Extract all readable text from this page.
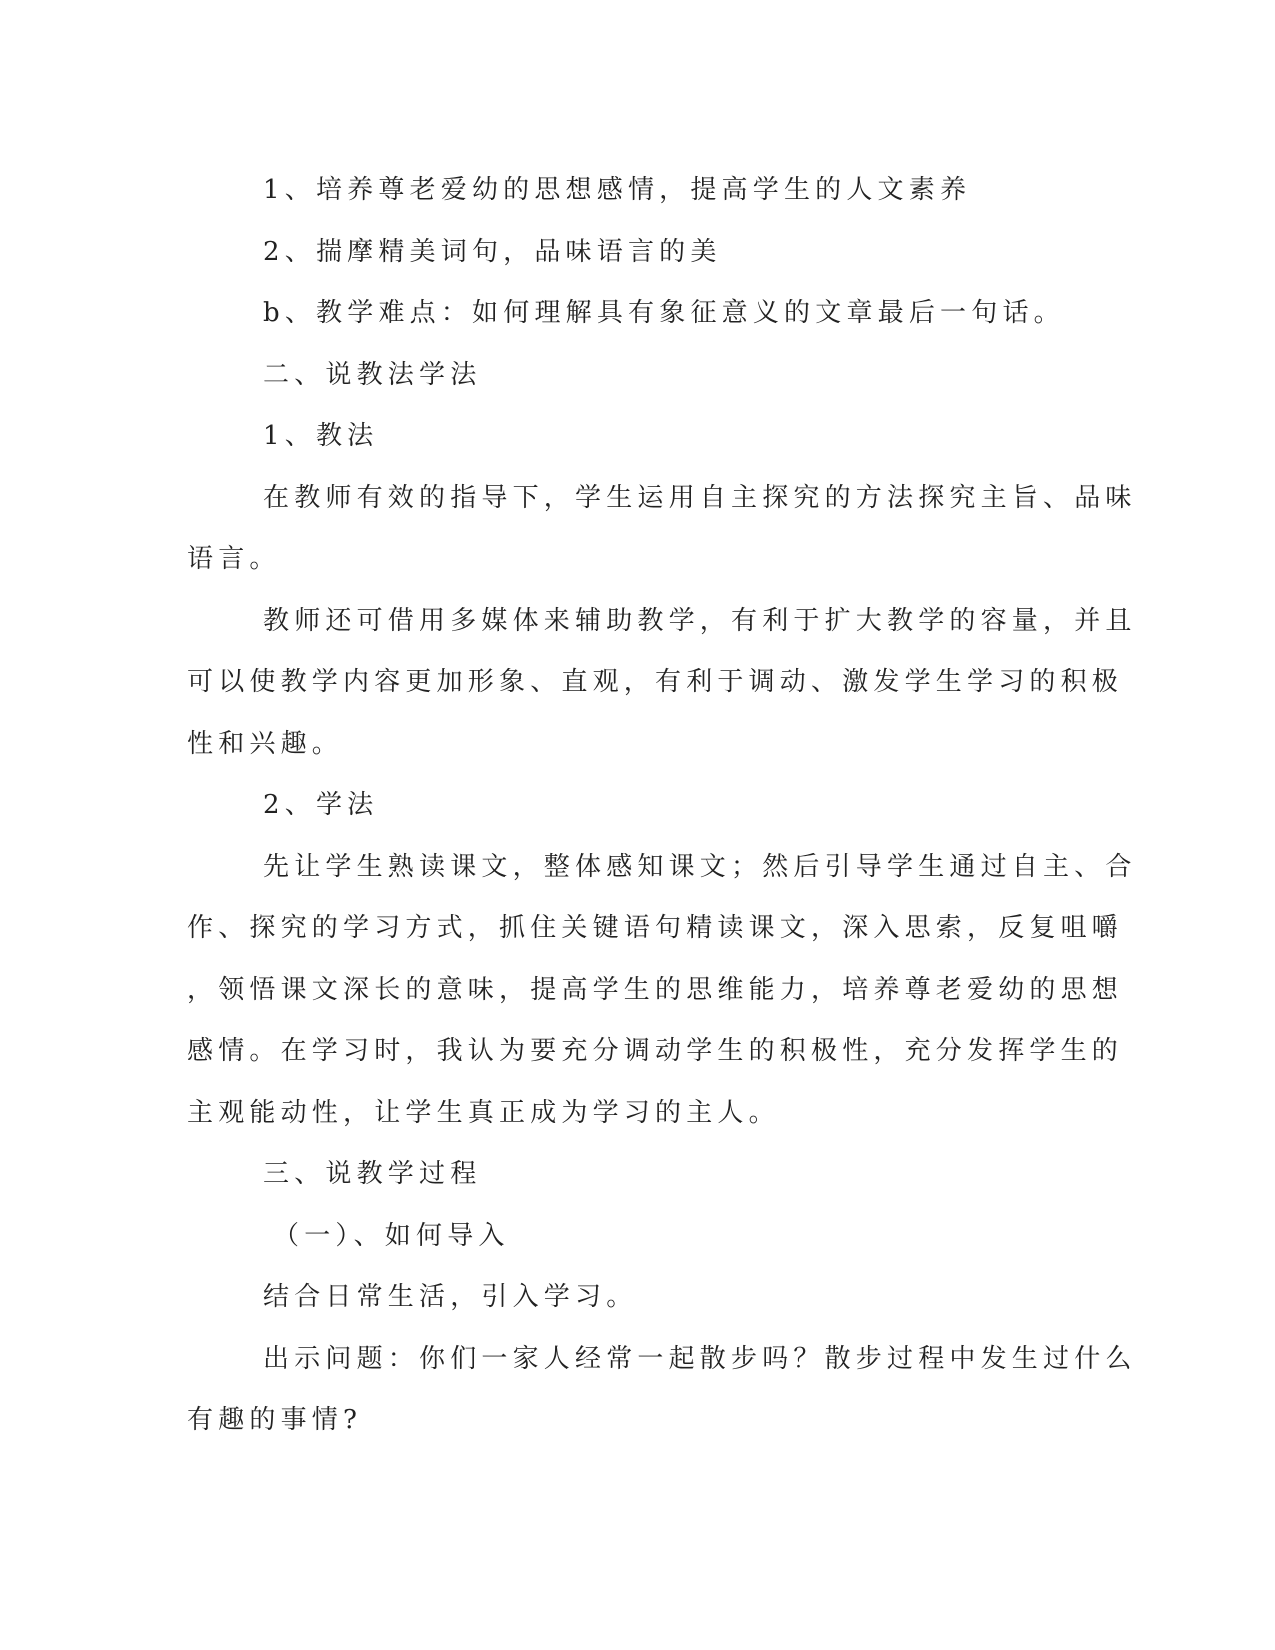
1、培养尊老爱幼的思想感情，提高学生的人文素养
2、揣摩精美词句，品味语言的美
b、教学难点：如何理解具有象征意义的文章最后一句话。
二、说教法学法
1、教法
在教师有效的指导下，学生运用自主探究的方法探究主旨、品味
语言。
教师还可借用多媒体来辅助教学，有利于扩大教学的容量，并且
可以使教学内容更加形象、直观，有利于调动、激发学生学习的积极
性和兴趣。
2、学法
先让学生熟读课文，整体感知课文；然后引导学生通过自主、合
作、探究的学习方式，抓住关键语句精读课文，深入思索，反复咀嚼
，领悟课文深长的意味，提高学生的思维能力，培养尊老爱幼的思想
感情。在学习时，我认为要充分调动学生的积极性，充分发挥学生的
主观能动性，让学生真正成为学习的主人。
三、说教学过程
（一）、如何导入
结合日常生活，引入学习。
出示问题：你们一家人经常一起散步吗？散步过程中发生过什么
有趣的事情?
